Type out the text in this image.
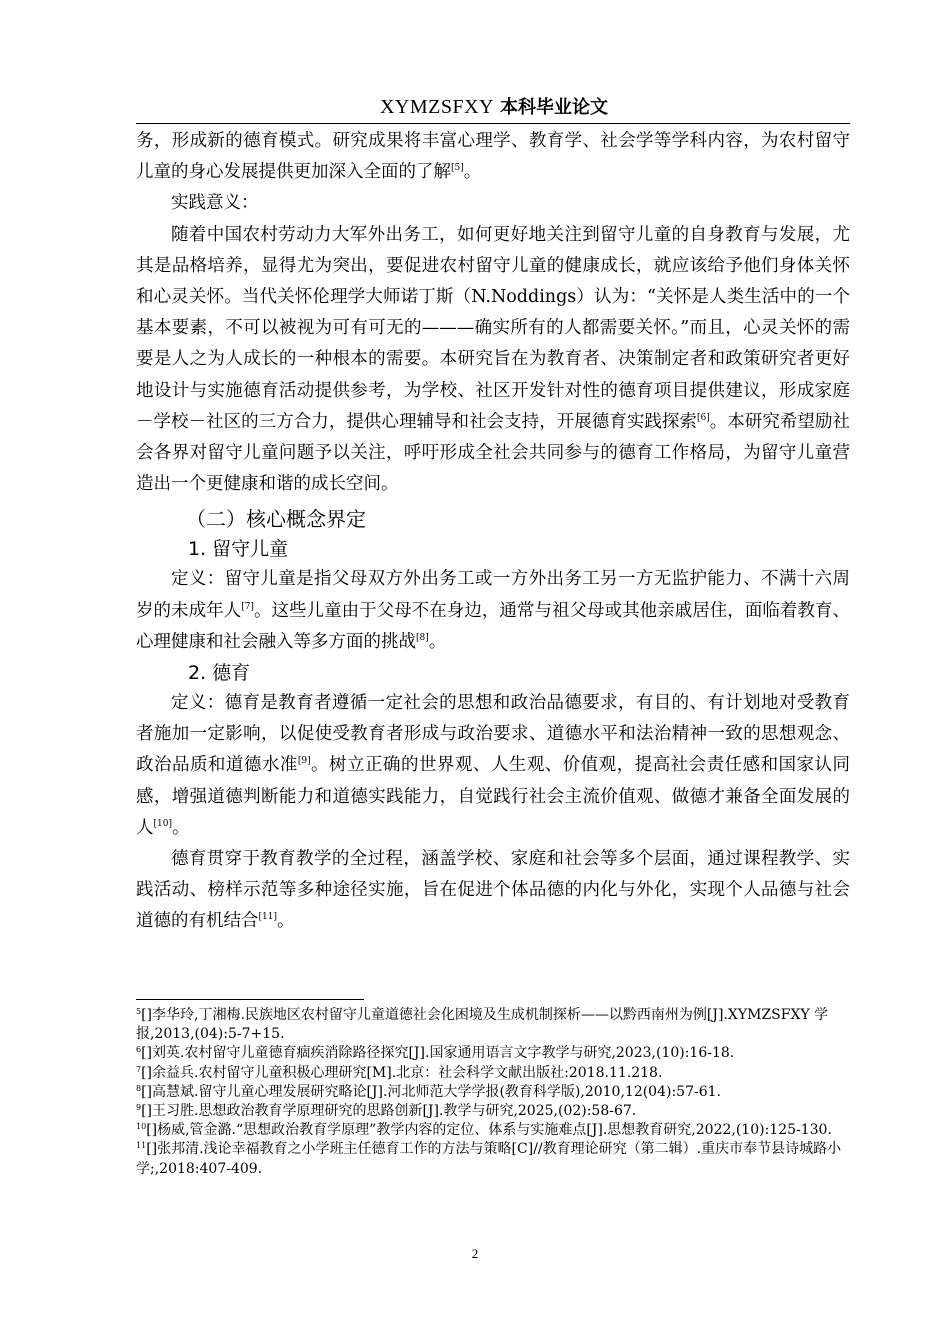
XYMZSFXY 本科毕业论文

务，形成新的德育模式。研究成果将丰富心理学、教育学、社会学等学科内容，为农村留守儿童的身心发展提供更加深入全面的了解[5]。

实践意义：

随着中国农村劳动力大军外出务工，如何更好地关注到留守儿童的自身教育与发展，尤其是品格培养，显得尤为突出，要促进农村留守儿童的健康成长，就应该给予他们身体关怀和心灵关怀。当代关怀伦理学大师诺丁斯（N.Noddings）认为：“关怀是人类生活中的一个基本要素，不可以被视为可有可无的———确实所有的人都需要关怀。”而且，心灵关怀的需要是人之为人成长的一种根本的需要。本研究旨在为教育者、决策制定者和政策研究者更好地设计与实施德育活动提供参考，为学校、社区开发针对性的德育项目提供建议，形成家庭－学校－社区的三方合力，提供心理辅导和社会支持，开展德育实践探索[6]。本研究希望励社会各界对留守儿童问题予以关注，呼吁形成全社会共同参与的德育工作格局，为留守儿童营造出一个更健康和谐的成长空间。

（二）核心概念界定
1. 留守儿童

定义：留守儿童是指父母双方外出务工或一方外出务工另一方无监护能力、不满十六周岁的未成年人[7]。这些儿童由于父母不在身边，通常与祖父母或其他亲戚居住，面临着教育、心理健康和社会融入等多方面的挑战[8]。

2. 德育

定义：德育是教育者遵循一定社会的思想和政治品德要求，有目的、有计划地对受教育者施加一定影响，以促使受教育者形成与政治要求、道德水平和法治精神一致的思想观念、政治品质和道德水准[9]。树立正确的世界观、人生观、价值观，提高社会责任感和国家认同感，增强道德判断能力和道德实践能力，自觉践行社会主流价值观、做德才兼备全面发展的人[10]。

德育贯穿于教育教学的全过程，涵盖学校、家庭和社会等多个层面，通过课程教学、实践活动、榜样示范等多种途径实施，旨在促进个体品德的内化与外化，实现个人品德与社会道德的有机结合[11]。

$^5$[]李华玲,丁湘梅.民族地区农村留守儿童道德社会化困境及生成机制探析——以黔西南州为例[J].XYMZSFXY 学报,2013,(04):5-7+15.

$^6$[]刘英.农村留守儿童德育痼疾消除路径探究[J].国家通用语言文字教学与研究,2023,(10):16-18.

$^7$[]余益兵.农村留守儿童积极心理研究[M].北京：社会科学文献出版社:2018.11.218.

$^8$[]高慧斌.留守儿童心理发展研究略论[J].河北师范大学学报(教育科学版),2010,12(04):57-61.

$^9$[]王习胜.思想政治教育学原理研究的思路创新[J].教学与研究,2025,(02):58-67.

$^{10}$[]杨威,管金潞.“思想政治教育学原理”教学内容的定位、体系与实施难点[J].思想教育研究,2022,(10):125-130.

$^{11}$[]张邦清.浅论幸福教育之小学班主任德育工作的方法与策略[C]//教育理论研究（第二辑）.重庆市奉节县诗城路小学;,2018:407-409.

2
